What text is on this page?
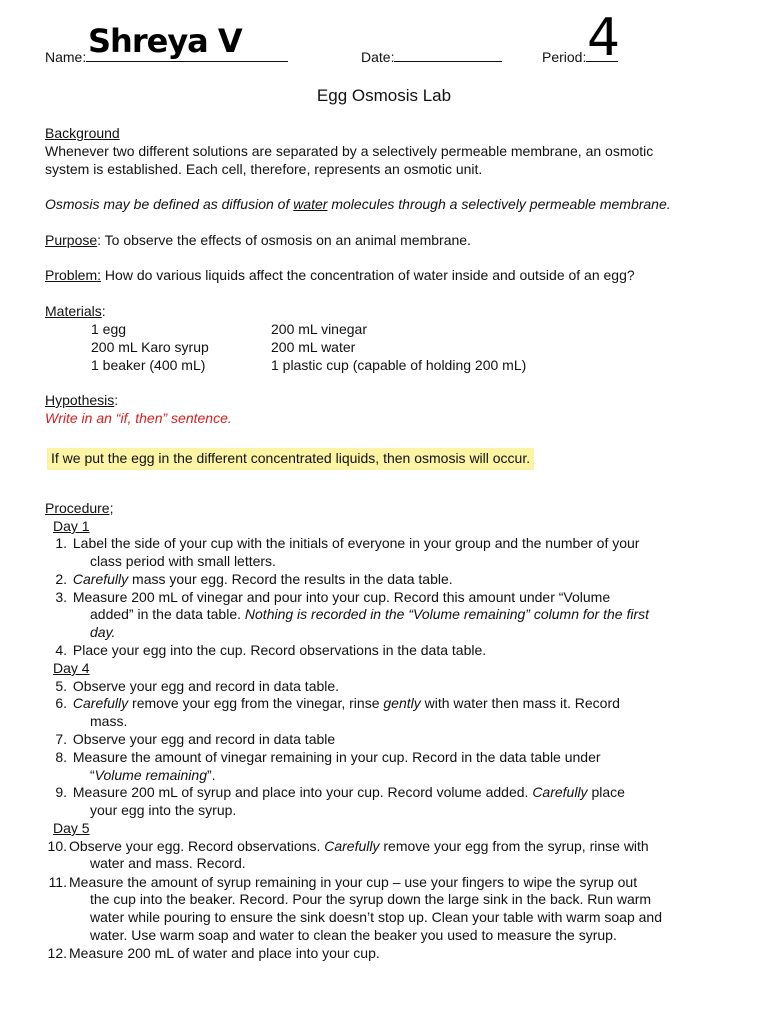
Name: Shreya V	Date:	Period: 4
Egg Osmosis Lab
Background
Whenever two different solutions are separated by a selectively permeable membrane, an osmotic
system is established. Each cell, therefore, represents an osmotic unit.
Osmosis may be defined as diffusion of water molecules through a selectively permeable membrane.
Purpose: To observe the effects of osmosis on an animal membrane.
Problem: How do various liquids affect the concentration of water inside and outside of an egg?
Materials:
1 egg
200 mL Karo syrup
1 beaker (400 mL)
200 mL vinegar
200 mL water
1 plastic cup (capable of holding 200 mL)
Hypothesis:
Write in an “if, then” sentence.
If we put the egg in the different concentrated liquids, then osmosis will occur.
Procedure;
Day 1
1. Label the side of your cup with the initials of everyone in your group and the number of your
class period with small letters.
2. Carefully mass your egg. Record the results in the data table.
3. Measure 200 mL of vinegar and pour into your cup. Record this amount under “Volume
added” in the data table. Nothing is recorded in the “Volume remaining” column for the first
day.
4. Place your egg into the cup. Record observations in the data table.
Day 4
5. Observe your egg and record in data table.
6. Carefully remove your egg from the vinegar, rinse gently with water then mass it. Record
mass.
7. Observe your egg and record in data table
8. Measure the amount of vinegar remaining in your cup. Record in the data table under
“Volume remaining”.
9. Measure 200 mL of syrup and place into your cup. Record volume added. Carefully place
your egg into the syrup.
Day 5
10. Observe your egg. Record observations. Carefully remove your egg from the syrup, rinse with
water and mass. Record.
11. Measure the amount of syrup remaining in your cup – use your fingers to wipe the syrup out
the cup into the beaker. Record. Pour the syrup down the large sink in the back. Run warm
water while pouring to ensure the sink doesn’t stop up. Clean your table with warm soap and
water. Use warm soap and water to clean the beaker you used to measure the syrup.
12. Measure 200 mL of water and place into your cup.
